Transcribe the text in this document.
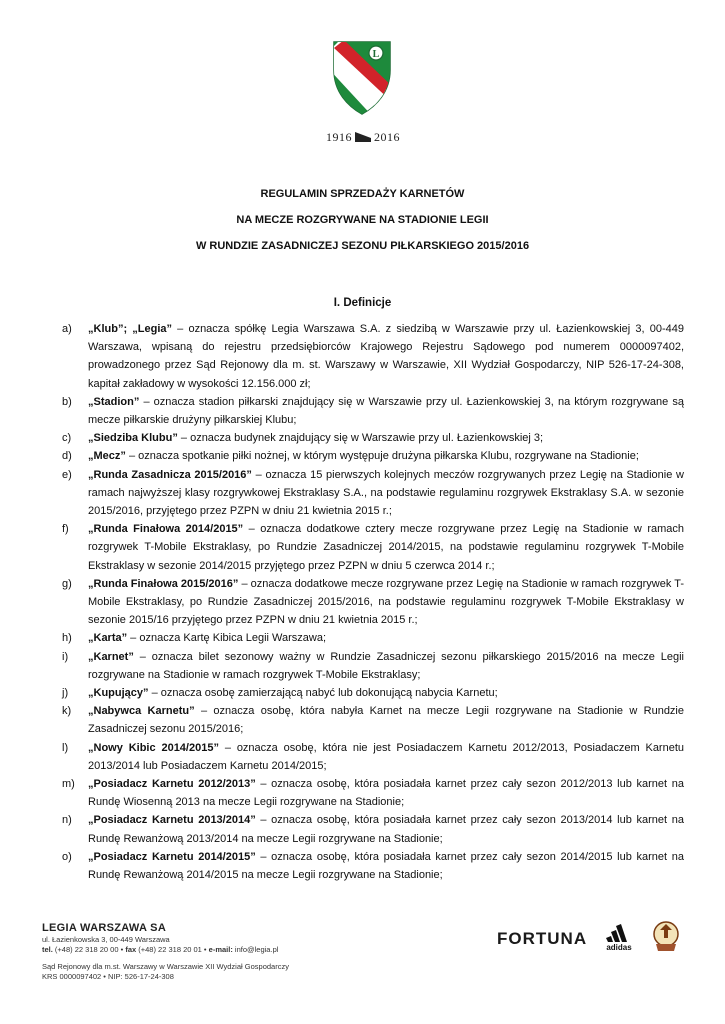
L
1916 2016
REGULAMIN SPRZEDAŻY KARNETÓW
NA MECZE ROZGRYWANE NA STADIONIE LEGII
W RUNDZIE ZASADNICZEJ SEZONU PIŁKARSKIEGO 2015/2016
I. Definicje
a)	„Klub”; „Legia” – oznacza spółkę Legia Warszawa S.A. z siedzibą w Warszawie przy ul. Łazienkowskiej 3, 00-449 Warszawa, wpisaną do rejestru przedsiębiorców Krajowego Rejestru Sądowego pod numerem 0000097402, prowadzonego przez Sąd Rejonowy dla m. st. Warszawy w Warszawie, XII Wydział Gospodarczy, NIP 526-17-24-308, kapitał zakładowy w wysokości 12.156.000 zł;
b)	„Stadion” – oznacza stadion piłkarski znajdujący się w Warszawie przy ul. Łazienkowskiej 3, na którym rozgrywane są mecze piłkarskie drużyny piłkarskiej Klubu;
c)	„Siedziba Klubu” – oznacza budynek znajdujący się w Warszawie przy ul. Łazienkowskiej 3;
d)	„Mecz” – oznacza spotkanie piłki nożnej, w którym występuje drużyna piłkarska Klubu, rozgrywane na Stadionie;
e)	„Runda Zasadnicza 2015/2016” – oznacza 15 pierwszych kolejnych meczów rozgrywanych przez Legię na Stadionie w ramach najwyższej klasy rozgrywkowej Ekstraklasy S.A., na podstawie regulaminu rozgrywek Ekstraklasy S.A. w sezonie 2015/2016, przyjętego przez PZPN w dniu 21 kwietnia 2015 r.;
f)	„Runda Finałowa 2014/2015” – oznacza dodatkowe cztery mecze rozgrywane przez Legię na Stadionie w ramach rozgrywek T-Mobile Ekstraklasy, po Rundzie Zasadniczej 2014/2015, na podstawie regulaminu rozgrywek T-Mobile Ekstraklasy w sezonie 2014/2015 przyjętego przez PZPN w dniu 5 czerwca 2014 r.;
g)	„Runda Finałowa 2015/2016” – oznacza dodatkowe mecze rozgrywane przez Legię na Stadionie w ramach rozgrywek T-Mobile Ekstraklasy, po Rundzie Zasadniczej 2015/2016, na podstawie regulaminu rozgrywek T-Mobile Ekstraklasy w sezonie 2015/16 przyjętego przez PZPN w dniu 21 kwietnia 2015 r.;
h)	„Karta” – oznacza Kartę Kibica Legii Warszawa;
i)	„Karnet” – oznacza bilet sezonowy ważny w Rundzie Zasadniczej sezonu piłkarskiego 2015/2016 na mecze Legii rozgrywane na Stadionie w ramach rozgrywek T-Mobile Ekstraklasy;
j)	„Kupujący” – oznacza osobę zamierzającą nabyć lub dokonującą nabycia Karnetu;
k)	„Nabywca Karnetu” – oznacza osobę, która nabyła Karnet na mecze Legii rozgrywane na Stadionie w Rundzie Zasadniczej sezonu 2015/2016;
l)	„Nowy Kibic 2014/2015” – oznacza osobę, która nie jest Posiadaczem Karnetu 2012/2013, Posiadaczem Karnetu 2013/2014 lub Posiadaczem Karnetu 2014/2015;
m)	„Posiadacz Karnetu 2012/2013” – oznacza osobę, która posiadała karnet przez cały sezon 2012/2013 lub karnet na Rundę Wiosenną 2013 na mecze Legii rozgrywane na Stadionie;
n)	„Posiadacz Karnetu 2013/2014” – oznacza osobę, która posiadała karnet przez cały sezon 2013/2014 lub karnet na Rundę Rewanżową 2013/2014 na mecze Legii rozgrywane na Stadionie;
o)	„Posiadacz Karnetu 2014/2015” – oznacza osobę, która posiadała karnet przez cały sezon 2014/2015 lub karnet na Rundę Rewanżową 2014/2015 na mecze Legii rozgrywane na Stadionie;
LEGIA WARSZAWA SA
ul. Łazienkowska 3, 00-449 Warszawa
tel. (+48) 22 318 20 00 • fax (+48) 22 318 20 01 • e-mail: info@legia.pl
Sąd Rejonowy dla m.st. Warszawy w Warszawie XII Wydział Gospodarczy
KRS 0000097402 • NIP: 526-17-24-308
FORTUNA adidas
